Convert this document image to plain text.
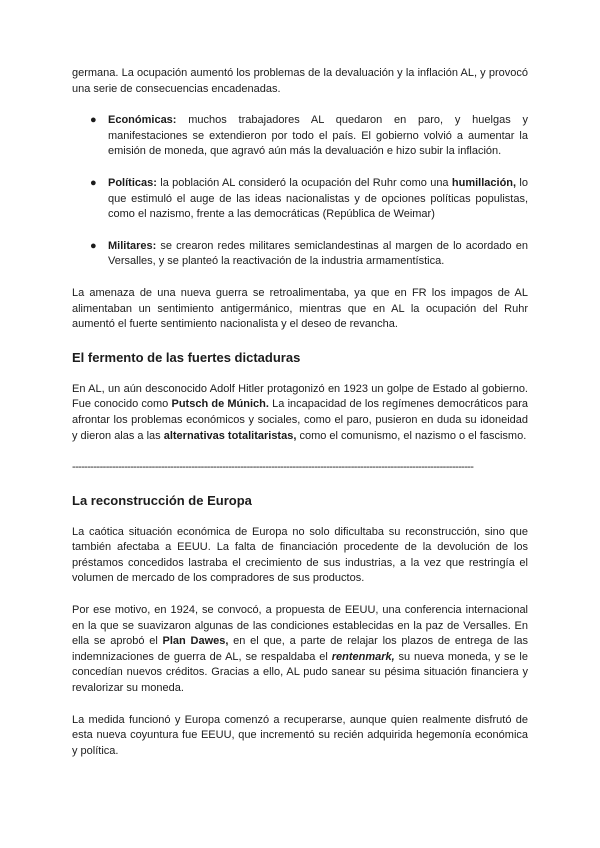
germana. La ocupación aumentó los problemas de la devaluación y la inflación AL, y provocó una serie de consecuencias encadenadas.

● Económicas: muchos trabajadores AL quedaron en paro, y huelgas y manifestaciones se extendieron por todo el país. El gobierno volvió a aumentar la emisión de moneda, que agravó aún más la devaluación e hizo subir la inflación.
● Políticas: la población AL consideró la ocupación del Ruhr como una humillación, lo que estimuló el auge de las ideas nacionalistas y de opciones políticas populistas, como el nazismo, frente a las democráticas (República de Weimar)
● Militares: se crearon redes militares semiclandestinas al margen de lo acordado en Versalles, y se planteó la reactivación de la industria armamentística.

La amenaza de una nueva guerra se retroalimentaba, ya que en FR los impagos de AL alimentaban un sentimiento antigermánico, mientras que en AL la ocupación del Ruhr aumentó el fuerte sentimiento nacionalista y el deseo de revancha.

El fermento de las fuertes dictaduras

En AL, un aún desconocido Adolf Hitler protagonizó en 1923 un golpe de Estado al gobierno. Fue conocido como Putsch de Múnich. La incapacidad de los regímenes democráticos para afrontar los problemas económicos y sociales, como el paro, pusieron en duda su idoneidad y dieron alas a las alternativas totalitaristas, como el comunismo, el nazismo o el fascismo.

-----------------------------------------------------------------------------------------------------------------------------------
La reconstrucción de Europa

La caótica situación económica de Europa no solo dificultaba su reconstrucción, sino que también afectaba a EEUU. La falta de financiación procedente de la devolución de los préstamos concedidos lastraba el crecimiento de sus industrias, a la vez que restringía el volumen de mercado de los compradores de sus productos.

Por ese motivo, en 1924, se convocó, a propuesta de EEUU, una conferencia internacional en la que se suavizaron algunas de las condiciones establecidas en la paz de Versalles. En ella se aprobó el Plan Dawes, en el que, a parte de relajar los plazos de entrega de las indemnizaciones de guerra de AL, se respaldaba el rentenmark, su nueva moneda, y se le concedían nuevos créditos. Gracias a ello, AL pudo sanear su pésima situación financiera y revalorizar su moneda.

La medida funcionó y Europa comenzó a recuperarse, aunque quien realmente disfrutó de esta nueva coyuntura fue EEUU, que incrementó su recién adquirida hegemonía económica y política.
